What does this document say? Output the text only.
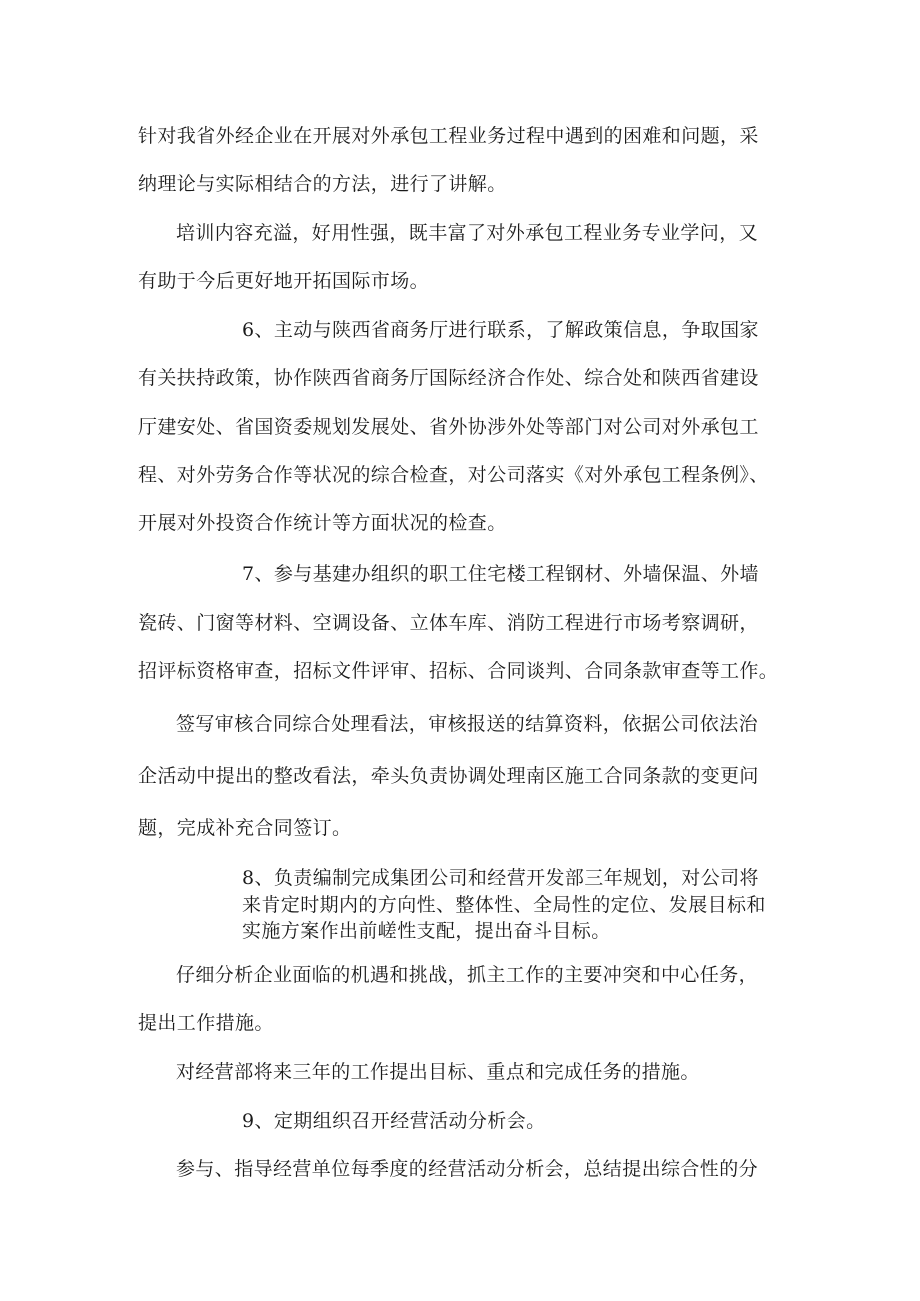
针对我省外经企业在开展对外承包工程业务过程中遇到的困难和问题，采
纳理论与实际相结合的方法，进行了讲解。
培训内容充溢，好用性强，既丰富了对外承包工程业务专业学问，又
有助于今后更好地开拓国际市场。
6、主动与陕西省商务厅进行联系，了解政策信息，争取国家
有关扶持政策，协作陕西省商务厅国际经济合作处、综合处和陕西省建设
厅建安处、省国资委规划发展处、省外协涉外处等部门对公司对外承包工
程、对外劳务合作等状况的综合检查，对公司落实《对外承包工程条例》、
开展对外投资合作统计等方面状况的检查。
7、参与基建办组织的职工住宅楼工程钢材、外墙保温、外墙
瓷砖、门窗等材料、空调设备、立体车库、消防工程进行市场考察调研，
招评标资格审查，招标文件评审、招标、合同谈判、合同条款审查等工作。
签写审核合同综合处理看法，审核报送的结算资料，依据公司依法治
企活动中提出的整改看法，牵头负责协调处理南区施工合同条款的变更问
题，完成补充合同签订。
8、负责编制完成集团公司和经营开发部三年规划，对公司将
来肯定时期内的方向性、整体性、全局性的定位、发展目标和
实施方案作出前嵯性支配，提出奋斗目标。
仔细分析企业面临的机遇和挑战，抓主工作的主要冲突和中心任务，
提出工作措施。
对经营部将来三年的工作提出目标、重点和完成任务的措施。
9、定期组织召开经营活动分析会。
参与、指导经营单位每季度的经营活动分析会，总结提出综合性的分
